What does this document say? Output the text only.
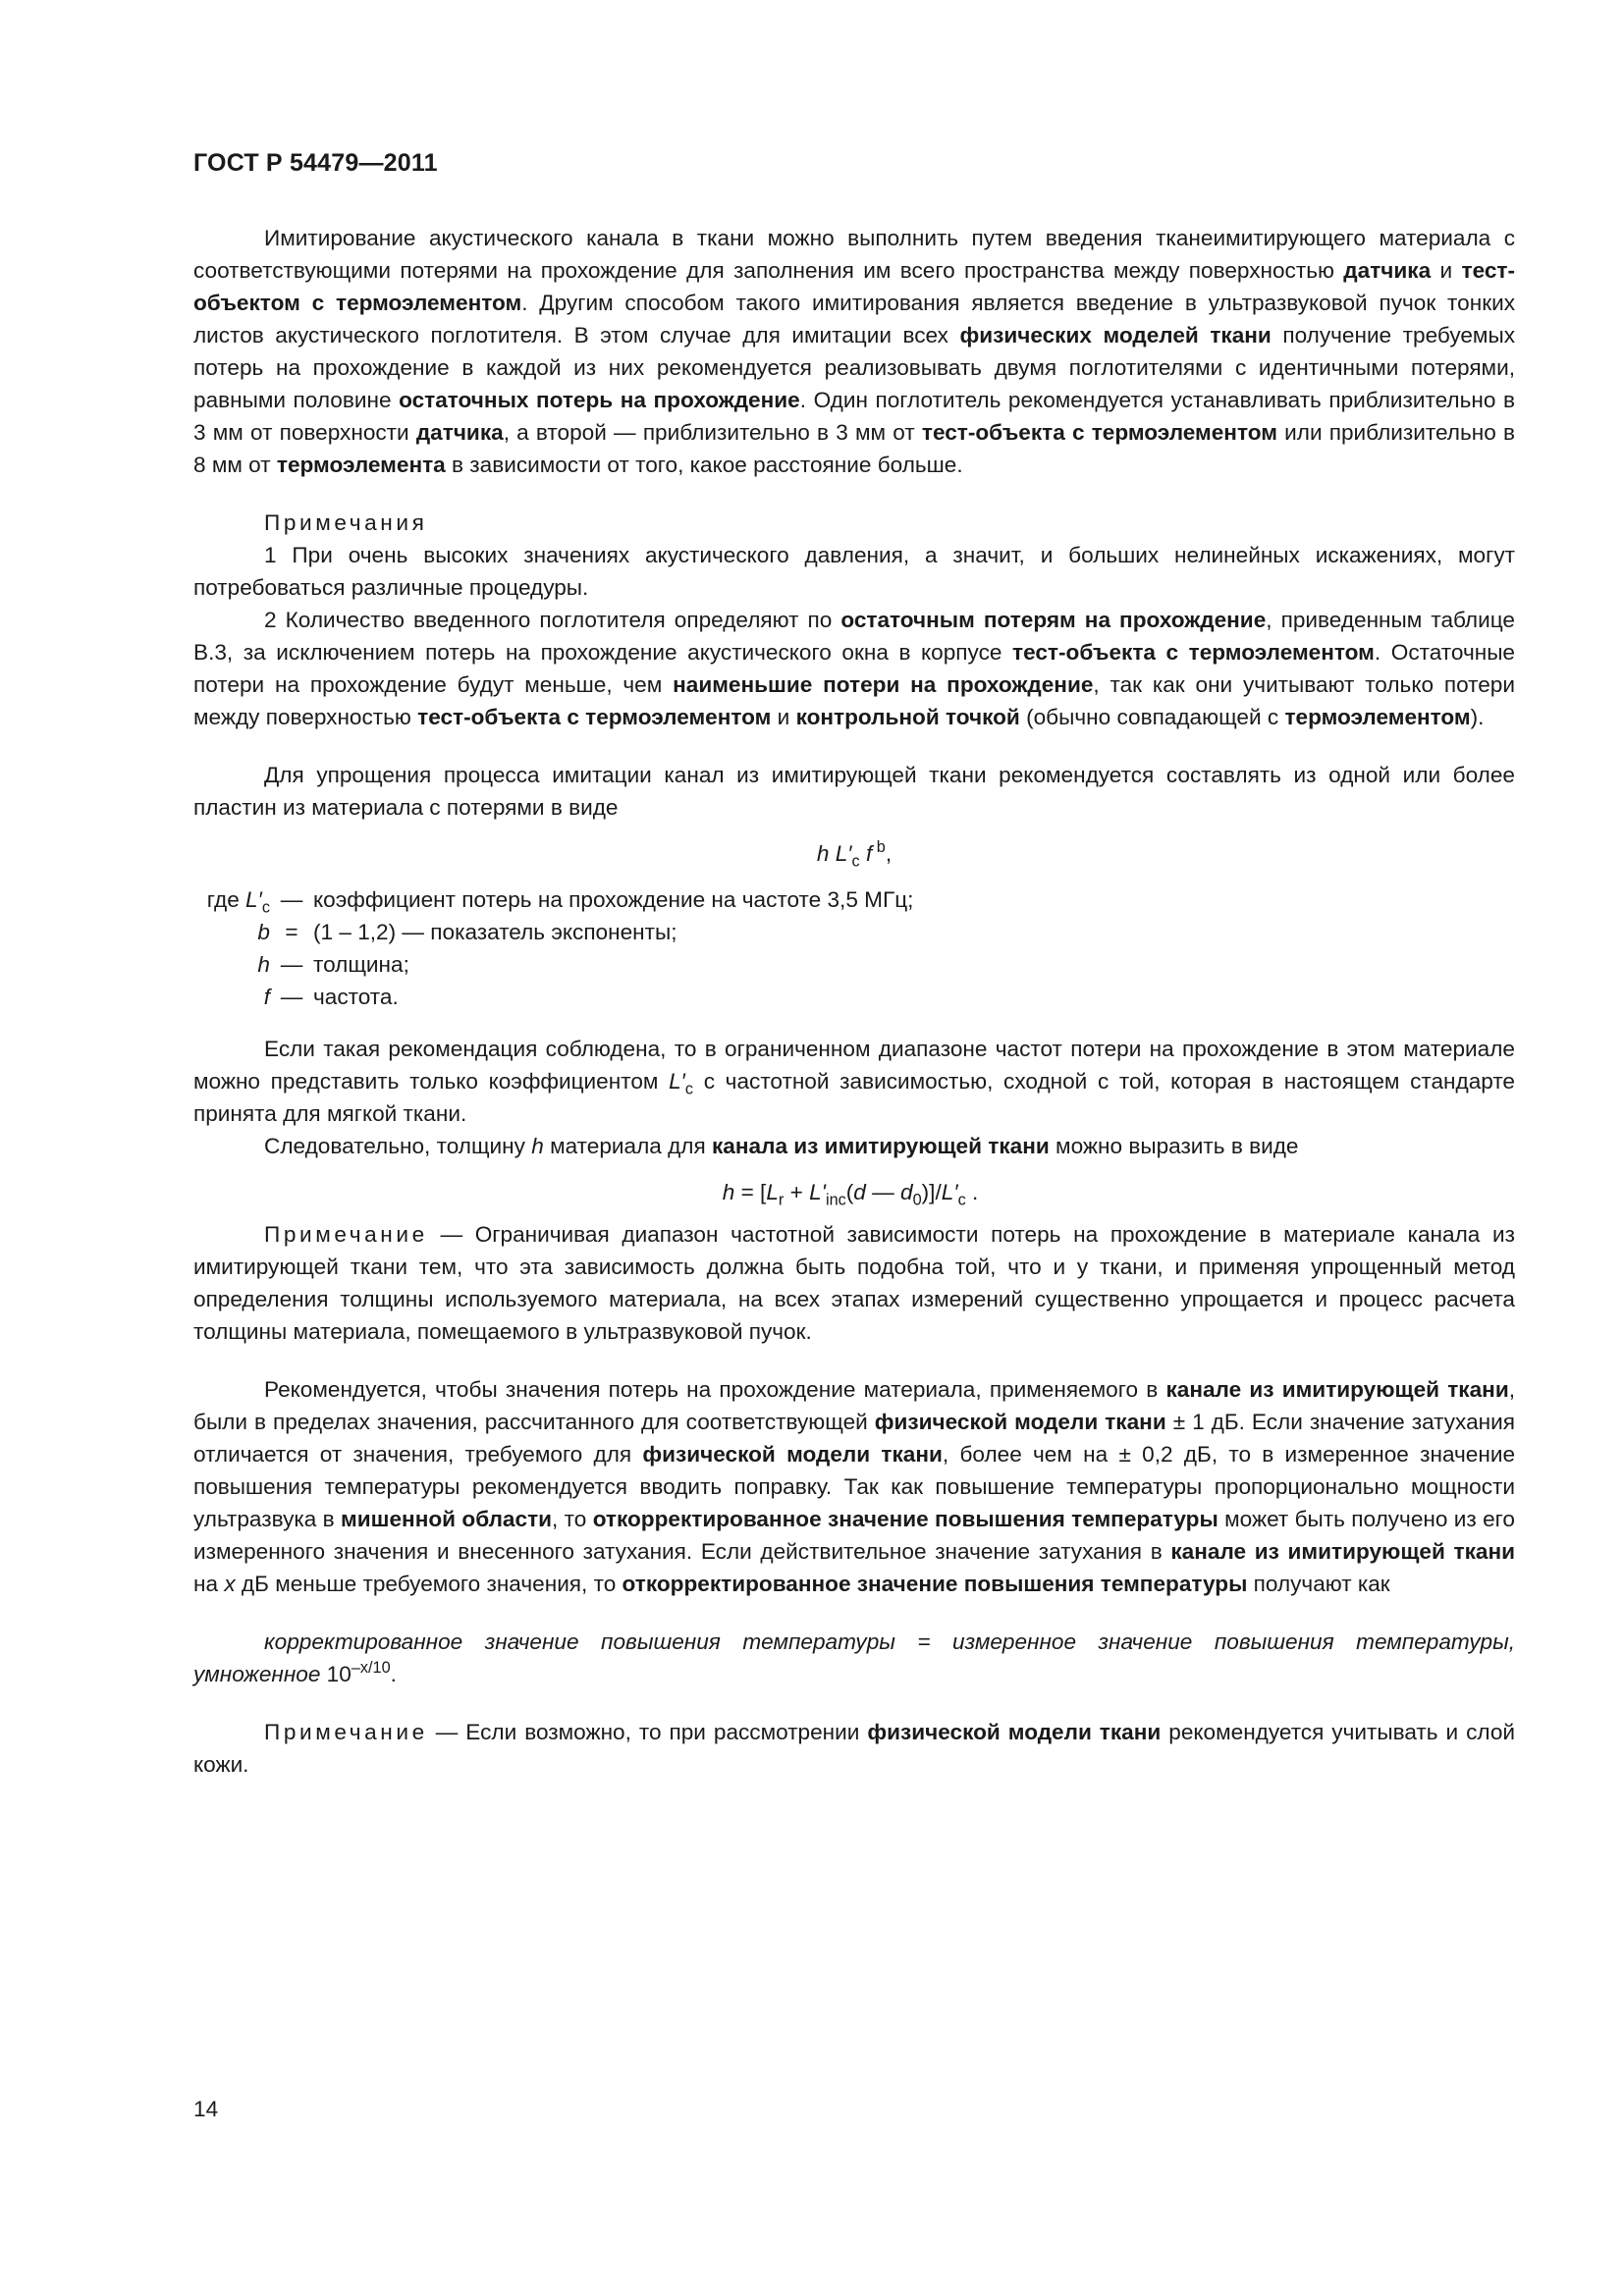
ГОСТ Р 54479—2011

Имитирование акустического канала в ткани можно выполнить путем введения тканеимитирующего материала с соответствующими потерями на прохождение для заполнения им всего пространства между поверхностью датчика и тест-объектом с термоэлементом. Другим способом такого имитирования является введение в ультразвуковой пучок тонких листов акустического поглотителя. В этом случае для имитации всех физических моделей ткани получение требуемых потерь на прохождение в каждой из них рекомендуется реализовывать двумя поглотителями с идентичными потерями, равными половине остаточных потерь на прохождение. Один поглотитель рекомендуется устанавливать приблизительно в 3 мм от поверхности датчика, а второй — приблизительно в 3 мм от тест-объекта с термоэлементом или приблизительно в 8 мм от термоэлемента в зависимости от того, какое расстояние больше.

Примечания

1 При очень высоких значениях акустического давления, а значит, и больших нелинейных искажениях, могут потребоваться различные процедуры.

2 Количество введенного поглотителя определяют по остаточным потерям на прохождение, приведенным таблице В.3, за исключением потерь на прохождение акустического окна в корпусе тест-объекта с термоэлементом. Остаточные потери на прохождение будут меньше, чем наименьшие потери на прохождение, так как они учитывают только потери между поверхностью тест-объекта с термоэлементом и контрольной точкой (обычно совпадающей с термоэлементом).

Для упрощения процесса имитации канал из имитирующей ткани рекомендуется составлять из одной или более пластин из материала с потерями в виде

h $L'_c$ f $^b$,

где $L'_c$	—	коэффициент потерь на прохождение на частоте 3,5 МГц;
b	=	(1 – 1,2) — показатель экспоненты;
h	—	толщина;
f	—	частота.

Если такая рекомендация соблюдена, то в ограниченном диапазоне частот потери на прохождение в этом материале можно представить только коэффициентом $L'_c$ с частотной зависимостью, сходной с той, которая в настоящем стандарте принята для мягкой ткани.

Следовательно, толщину h материала для канала из имитирующей ткани можно выразить в виде

$h = [L_r + L'_{inc}(d$ — $d_0)]/L'_c$ .

Примечание — Ограничивая диапазон частотной зависимости потерь на прохождение в материале канала из имитирующей ткани тем, что эта зависимость должна быть подобна той, что и у ткани, и применяя упрощенный метод определения толщины используемого материала, на всех этапах измерений существенно упрощается и процесс расчета толщины материала, помещаемого в ультразвуковой пучок.

Рекомендуется, чтобы значения потерь на прохождение материала, применяемого в канале из имитирующей ткани, были в пределах значения, рассчитанного для соответствующей физической модели ткани ± 1 дБ. Если значение затухания отличается от значения, требуемого для физической модели ткани, более чем на ± 0,2 дБ, то в измеренное значение повышения температуры рекомендуется вводить поправку. Так как повышение температуры пропорционально мощности ультразвука в мишенной области, то откорректированное значение повышения температуры может быть получено из его измеренного значения и внесенного затухания. Если действительное значение затухания в канале из имитирующей ткани на x дБ меньше требуемого значения, то откорректированное значение повышения температуры получают как

корректированное значение повышения температуры = измеренное значение повышения температуры, умноженное $10^{-x/10}$.

Примечание — Если возможно, то при рассмотрении физической модели ткани рекомендуется учитывать и слой кожи.

14
